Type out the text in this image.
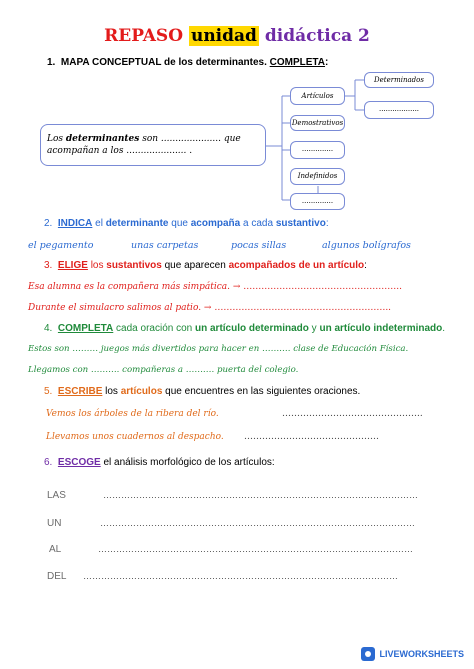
REPASO unidad didáctica 2
1. MAPA CONCEPTUAL de los determinantes. COMPLETA:
Los determinantes son ..................... que
acompañan a los ..................... .
Artículos
Determinados
..................
Demostrativos
..............
Indefinidos
..............
2. INDICA el determinante que acompaña a cada sustantivo:
el pegamento	unas carpetas	pocas sillas	algunos bolígrafos
3. ELIGE los sustantivos que aparecen acompañados de un artículo:
Esa alumna es la compañera más simpática. → ……………………………………………..
Durante el simulacro salimos al patio. → …………………………………………………..
4. COMPLETA cada oración con un artículo determinado y un artículo indeterminado.
Estos son ……… juegos más divertidos para hacer en ………. clase de Educación Física.
Llegamos con ………. compañeras a ………. puerta del colegio.
5. ESCRIBE los artículos que encuentres en las siguientes oraciones.
Vemos los árboles de la ribera del río.	………………………………………..
Llevamos unos cuadernos al despacho. ………………………………………
6. ESCOGE el análisis morfológico de los artículos:
LAS	……………………………………………………………………………………………
UN	……………………………………………………………………………………………
AL	……………………………………………………………………………………………
DEL ……………………………………………………………………………………………
LIVEWORKSHEETS
